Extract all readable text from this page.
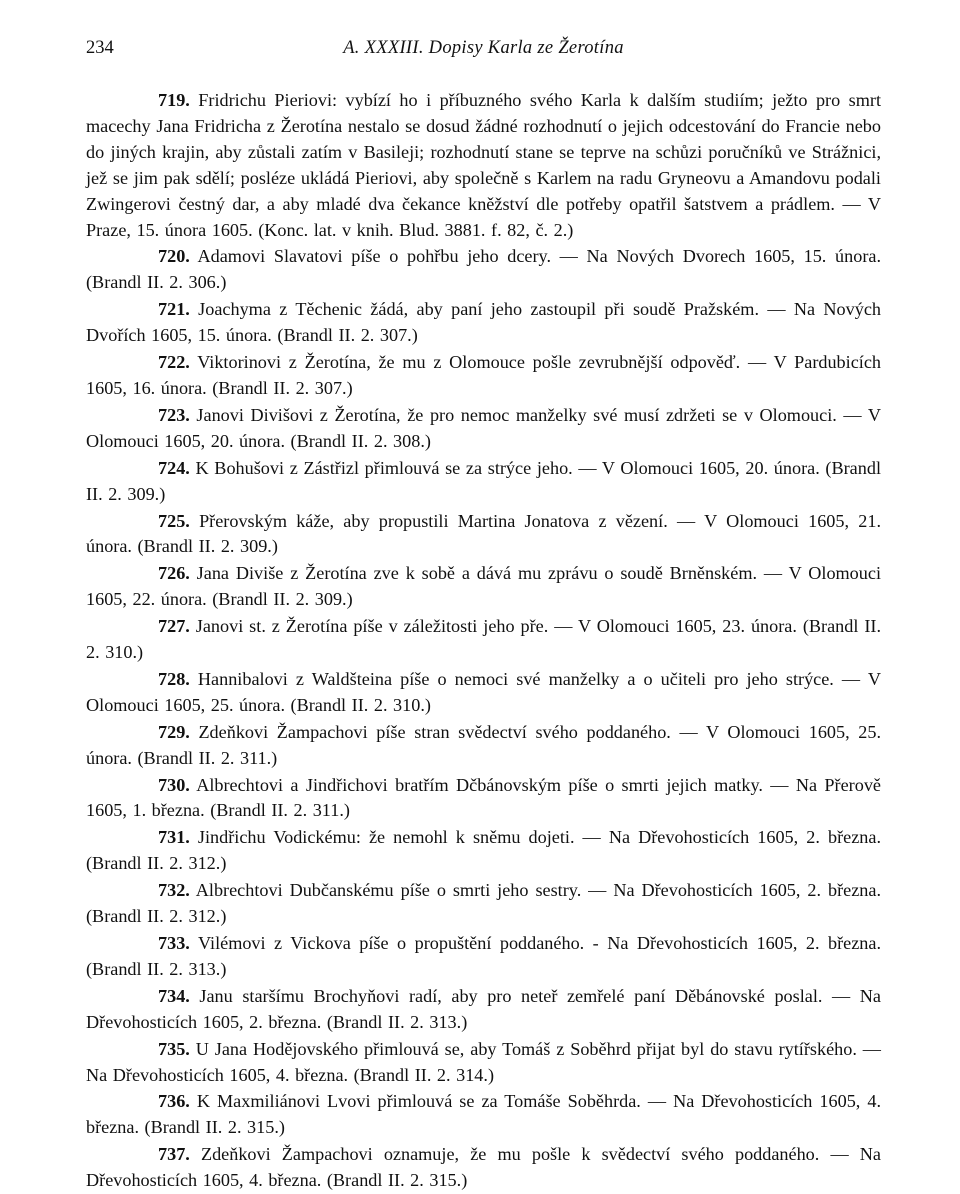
234	A. XXXIII. Dopisy Karla ze Žerotína

719. Fridrichu Pieriovi: vybízí ho i příbuzného svého Karla k dalším studiím; ježto pro smrt macechy Jana Fridricha z Žerotína nestalo se dosud žádné rozhodnutí o jejich odcestování do Francie nebo do jiných krajin, aby zůstali zatím v Basileji; rozhodnutí stane se teprve na schůzi poručníků ve Strážnici, jež se jim pak sdělí; posléze ukládá Pieriovi, aby společně s Karlem na radu Gryneovu a Amandovu podali Zwingerovi čestný dar, a aby mladé dva čekance kněžství dle potřeby opatřil šatstvem a prádlem. — V Praze, 15. února 1605. (Konc. lat. v knih. Blud. 3881. f. 82, č. 2.)

720. Adamovi Slavatovi píše o pohřbu jeho dcery. — Na Nových Dvorech 1605, 15. února. (Brandl II. 2. 306.)

721. Joachyma z Těchenic žádá, aby paní jeho zastoupil při soudě Pražském. — Na Nových Dvořích 1605, 15. února. (Brandl II. 2. 307.)

722. Viktorinovi z Žerotína, že mu z Olomouce pošle zevrubnější odpověď. — V Pardubicích 1605, 16. února. (Brandl II. 2. 307.)

723. Janovi Divišovi z Žerotína, že pro nemoc manželky své musí zdržeti se v Olomouci. — V Olomouci 1605, 20. února. (Brandl II. 2. 308.)

724. K Bohušovi z Zástřizl přimlouvá se za strýce jeho. — V Olomouci 1605, 20. února. (Brandl II. 2. 309.)

725. Přerovským káže, aby propustili Martina Jonatova z vězení. — V Olomouci 1605, 21. února. (Brandl II. 2. 309.)

726. Jana Diviše z Žerotína zve k sobě a dává mu zprávu o soudě Brněnském. — V Olomouci 1605, 22. února. (Brandl II. 2. 309.)

727. Janovi st. z Žerotína píše v záležitosti jeho pře. — V Olomouci 1605, 23. února. (Brandl II. 2. 310.)

728. Hannibalovi z Waldšteina píše o nemoci své manželky a o učiteli pro jeho strýce. — V Olomouci 1605, 25. února. (Brandl II. 2. 310.)

729. Zdeňkovi Žampachovi píše stran svědectví svého poddaného. — V Olomouci 1605, 25. února. (Brandl II. 2. 311.)

730. Albrechtovi a Jindřichovi bratřím Dčbánovským píše o smrti jejich matky. — Na Přerově 1605, 1. března. (Brandl II. 2. 311.)

731. Jindřichu Vodickému: že nemohl k sněmu dojeti. — Na Dřevohosticích 1605, 2. března. (Brandl II. 2. 312.)

732. Albrechtovi Dubčanskému píše o smrti jeho sestry. — Na Dřevohosticích 1605, 2. března. (Brandl II. 2. 312.)

733. Vilémovi z Vickova píše o propuštění poddaného. - Na Dřevohosticích 1605, 2. března. (Brandl II. 2. 313.)

734. Janu staršímu Brochyňovi radí, aby pro neteř zemřelé paní Děbánovské poslal. — Na Dřevohosticích 1605, 2. března. (Brandl II. 2. 313.)

735. U Jana Hodějovského přimlouvá se, aby Tomáš z Soběhrd přijat byl do stavu rytířského. — Na Dřevohosticích 1605, 4. března. (Brandl II. 2. 314.)

736. K Maxmiliánovi Lvovi přimlouvá se za Tomáše Soběhrda. — Na Dřevohosticích 1605, 4. března. (Brandl II. 2. 315.)

737. Zdeňkovi Žampachovi oznamuje, že mu pošle k svědectví svého poddaného. — Na Dřevohosticích 1605, 4. března. (Brandl II. 2. 315.)
